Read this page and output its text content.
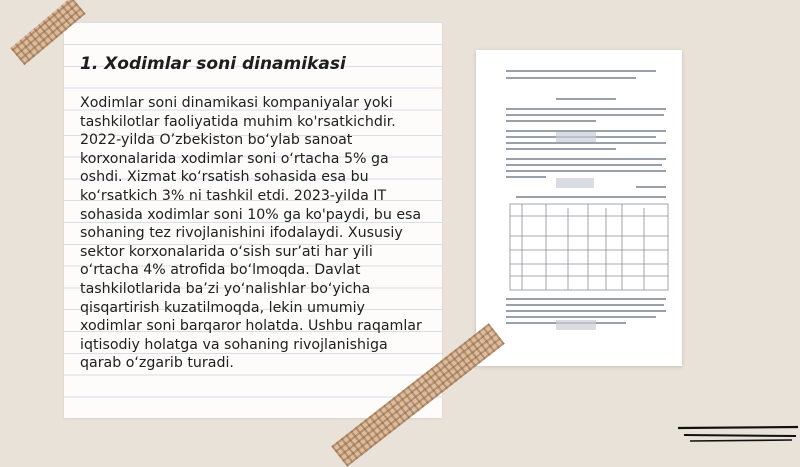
1. Xodimlar soni dinamikasi

Xodimlar soni dinamikasi kompaniyalar yoki tashkilotlar faoliyatida muhim ko'rsatkichdir. 2022-yilda O’zbekiston bo‘ylab sanoat korxonalarida xodimlar soni o‘rtacha 5% ga oshdi. Xizmat ko‘rsatish sohasida esa bu ko‘rsatkich 3% ni tashkil etdi. 2023-yilda IT sohasida xodimlar soni 10% ga ko'paydi, bu esa sohaning tez rivojlanishini ifodalaydi. Xususiy sektor korxonalarida o‘sish sur’ati har yili o‘rtacha 4% atrofida bo‘lmoqda. Davlat tashkilotlarida ba’zi yo‘nalishlar bo‘yicha qisqartirish kuzatilmoqda, lekin umumiy xodimlar soni barqaror holatda. Ushbu raqamlar iqtisodiy holatga va sohaning rivojlanishiga qarab o‘zgarib turadi.
